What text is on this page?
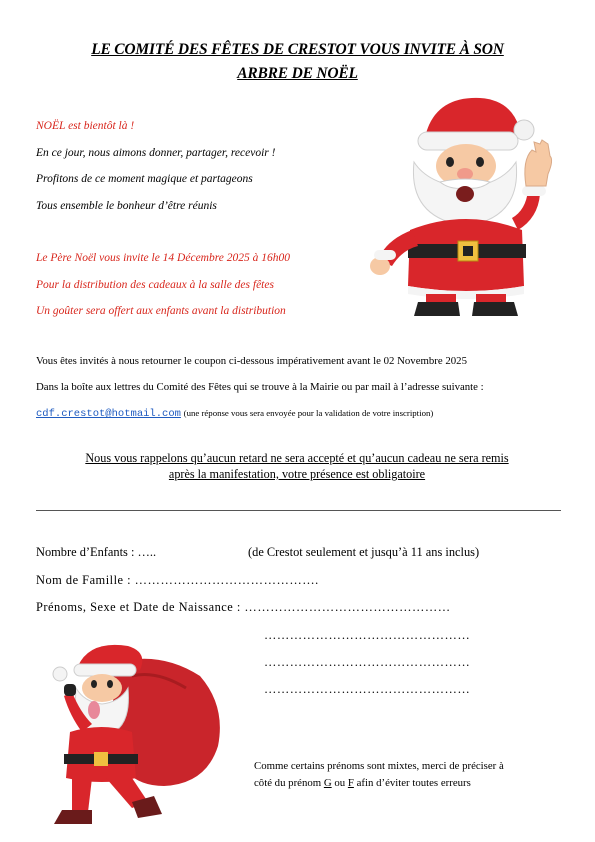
LE COMITÉ DES FÊTES DE CRESTOT VOUS INVITE À SON
ARBRE DE NOËL
NOËL est bientôt là !
En ce jour, nous aimons donner, partager, recevoir !
Profitons de ce moment magique et partageons
Tous ensemble le bonheur d’être réunis
Le Père Noël vous invite le 14 Décembre 2025 à 16h00
Pour la distribution des cadeaux à la salle des fêtes
Un goûter sera offert aux enfants avant la distribution
Vous êtes invités à nous retourner le coupon ci-dessous impérativement avant le 02 Novembre 2025
Dans la boîte aux lettres du Comité des Fêtes qui se trouve à la Mairie ou par mail à l’adresse suivante :
cdf.crestot@hotmail.com (une réponse vous sera envoyée pour la validation de votre inscription)
Nous vous rappelons qu’aucun retard ne sera accepté et qu’aucun cadeau ne sera remis
après la manifestation, votre présence est obligatoire
Nombre d’Enfants : …..	(de Crestot seulement et jusqu’à 11 ans inclus)
Nom de Famille : …………………………………….
Prénoms, Sexe et Date de Naissance : …………………………………………
…………………………………………
…………………………………………
…………………………………………
Comme certains prénoms sont mixtes, merci de préciser à
côté du prénom G ou F afin d’éviter toutes erreurs
